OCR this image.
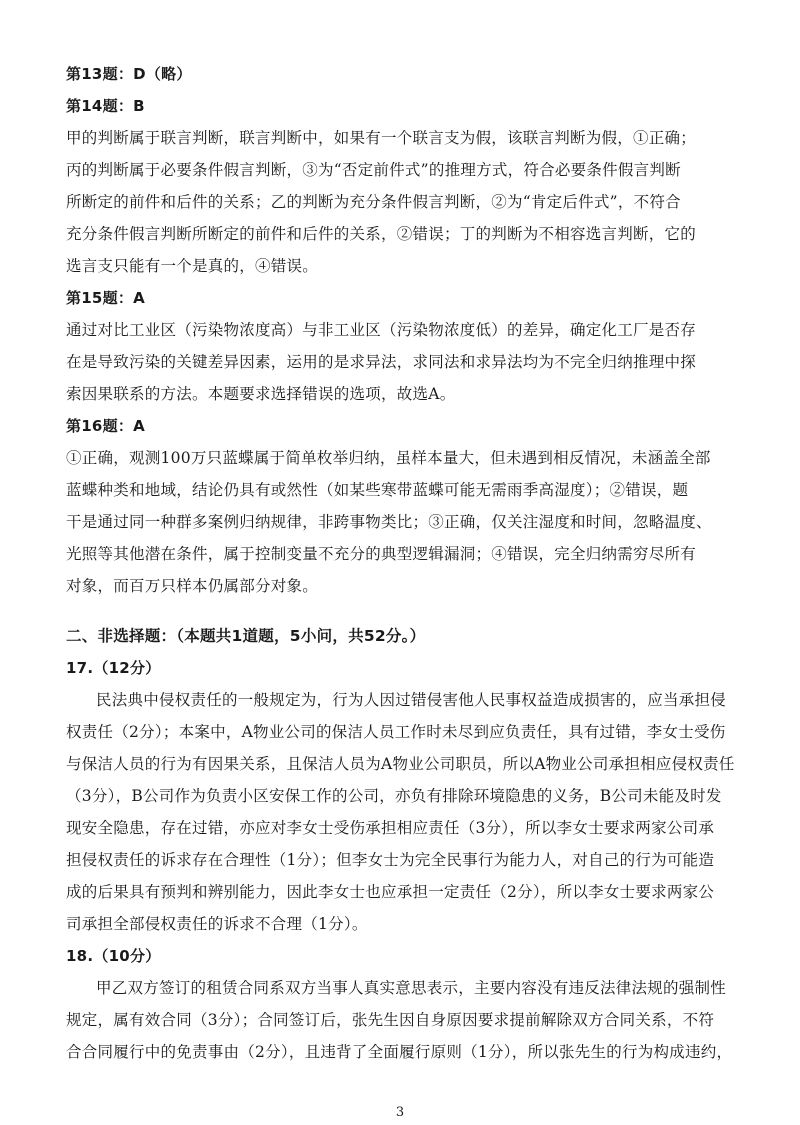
第13题：D（略）
第14题：B
甲的判断属于联言判断，联言判断中，如果有一个联言支为假，该联言判断为假，①正确；
丙的判断属于必要条件假言判断，③为“否定前件式”的推理方式，符合必要条件假言判断
所断定的前件和后件的关系；乙的判断为充分条件假言判断，②为“肯定后件式”，不符合
充分条件假言判断所断定的前件和后件的关系，②错误；丁的判断为不相容选言判断，它的
选言支只能有一个是真的，④错误。
第15题：A
通过对比工业区（污染物浓度高）与非工业区（污染物浓度低）的差异，确定化工厂是否存
在是导致污染的关键差异因素，运用的是求异法，求同法和求异法均为不完全归纳推理中探
索因果联系的方法。本题要求选择错误的选项，故选A。
第16题：A
①正确，观测100万只蓝蝶属于简单枚举归纳，虽样本量大，但未遇到相反情况，未涵盖全部
蓝蝶种类和地域，结论仍具有或然性（如某些寒带蓝蝶可能无需雨季高湿度）；②错误，题
干是通过同一种群多案例归纳规律，非跨事物类比；③正确，仅关注湿度和时间，忽略温度、
光照等其他潜在条件，属于控制变量不充分的典型逻辑漏洞；④错误，完全归纳需穷尽所有
对象，而百万只样本仍属部分对象。
二、非选择题：（本题共1道题，5小问，共52分。）
17.（12分）
民法典中侵权责任的一般规定为，行为人因过错侵害他人民事权益造成损害的，应当承担侵
权责任（2分）；本案中，A物业公司的保洁人员工作时未尽到应负责任，具有过错，李女士受伤
与保洁人员的行为有因果关系，且保洁人员为A物业公司职员，所以A物业公司承担相应侵权责任
（3分），B公司作为负责小区安保工作的公司，亦负有排除环境隐患的义务，B公司未能及时发
现安全隐患，存在过错，亦应对李女士受伤承担相应责任（3分），所以李女士要求两家公司承
担侵权责任的诉求存在合理性（1分）；但李女士为完全民事行为能力人，对自己的行为可能造
成的后果具有预判和辨别能力，因此李女士也应承担一定责任（2分），所以李女士要求两家公
司承担全部侵权责任的诉求不合理（1分）。
18.（10分）
甲乙双方签订的租赁合同系双方当事人真实意思表示，主要内容没有违反法律法规的强制性
规定，属有效合同（3分）；合同签订后，张先生因自身原因要求提前解除双方合同关系，不符
合合同履行中的免责事由（2分），且违背了全面履行原则（1分），所以张先生的行为构成违约，
3
